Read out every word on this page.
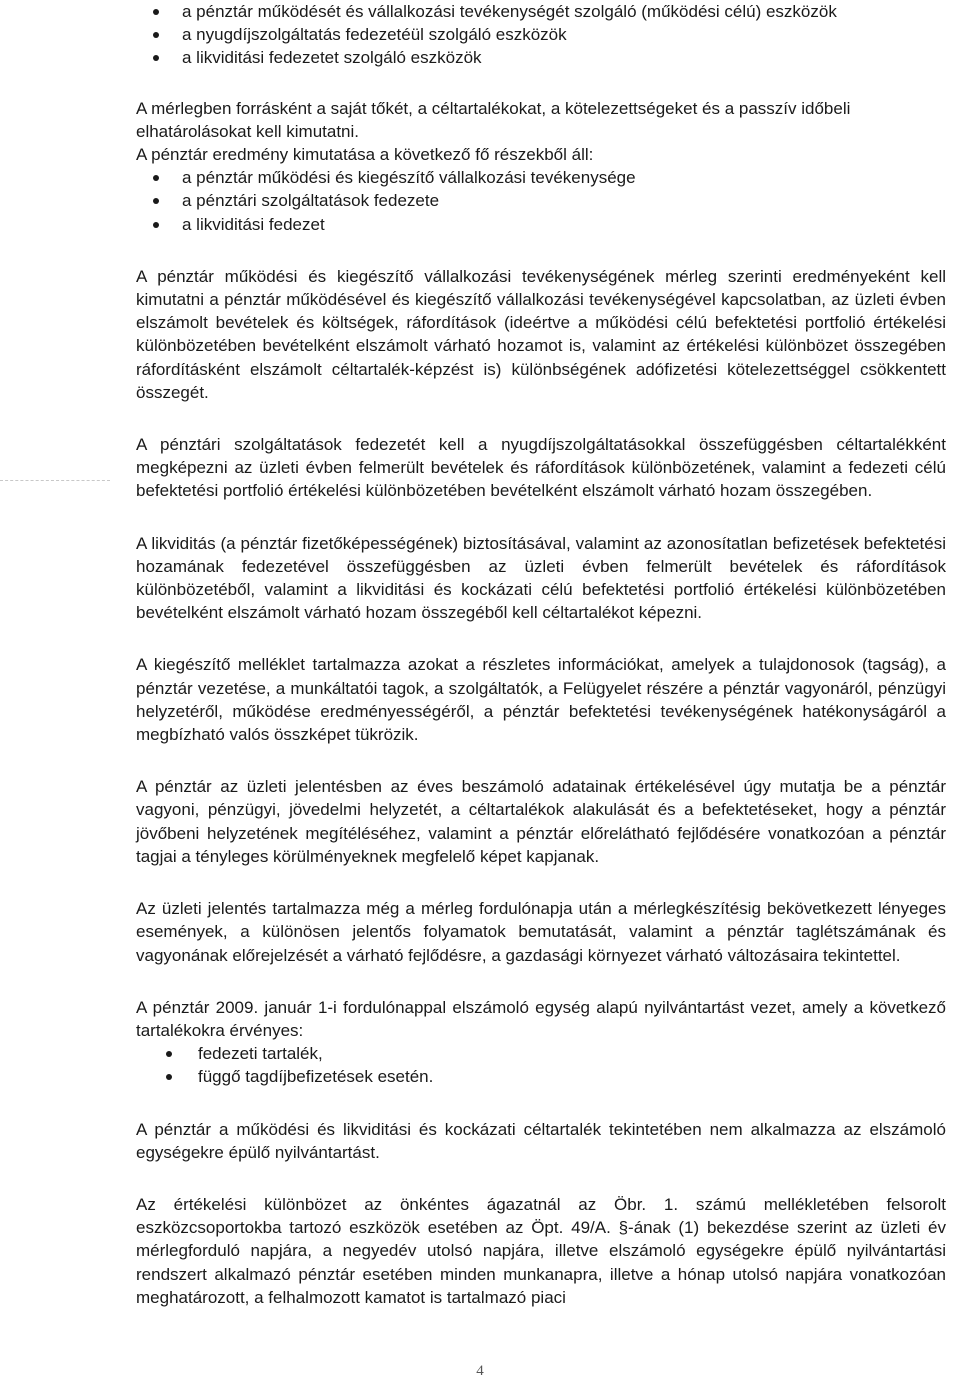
a pénztár működését és vállalkozási tevékenységét szolgáló (működési célú) eszközök
a nyugdíjszolgáltatás fedezetéül szolgáló eszközök
a likviditási fedezetet szolgáló eszközök

A mérlegben forrásként a saját tőkét, a céltartalékokat, a kötelezettségeket és a passzív időbeli elhatárolásokat kell kimutatni.

A pénztár eredmény kimutatása a következő fő részekből áll:

a pénztár működési és kiegészítő vállalkozási tevékenysége
a pénztári szolgáltatások fedezete
a likviditási fedezet

A pénztár működési és kiegészítő vállalkozási tevékenységének mérleg szerinti eredményeként kell kimutatni a pénztár működésével és kiegészítő vállalkozási tevékenységével kapcsolatban, az üzleti évben elszámolt bevételek és költségek, ráfordítások (ideértve a működési célú befektetési portfolió értékelési különbözetében bevételként elszámolt várható hozamot is, valamint az értékelési különbözet összegében ráfordításként elszámolt céltartalék-képzést is) különbségének adófizetési kötelezettséggel csökkentett összegét.

A pénztári szolgáltatások fedezetét kell a nyugdíjszolgáltatásokkal összefüggésben céltartalékként megképezni az üzleti évben felmerült bevételek és ráfordítások különbözetének, valamint a fedezeti célú befektetési portfolió értékelési különbözetében bevételként elszámolt várható hozam összegében.

A likviditás (a pénztár fizetőképességének) biztosításával, valamint az azonosítatlan befizetések befektetési hozamának fedezetével összefüggésben az üzleti évben felmerült bevételek és ráfordítások különbözetéből, valamint a likviditási és kockázati célú befektetési portfolió értékelési különbözetében bevételként elszámolt várható hozam összegéből kell céltartalékot képezni.

A kiegészítő melléklet tartalmazza azokat a részletes információkat, amelyek a tulajdonosok (tagság), a pénztár vezetése, a munkáltatói tagok, a szolgáltatók, a Felügyelet részére a pénztár vagyonáról, pénzügyi helyzetéről, működése eredményességéről, a pénztár befektetési tevékenységének hatékonyságáról a megbízható valós összképet tükrözik.

A pénztár az üzleti jelentésben az éves beszámoló adatainak értékelésével úgy mutatja be a pénztár vagyoni, pénzügyi, jövedelmi helyzetét, a céltartalékok alakulását és a befektetéseket, hogy a pénztár jövőbeni helyzetének megítéléséhez, valamint a pénztár előrelátható fejlődésére vonatkozóan a pénztár tagjai a tényleges körülményeknek megfelelő képet kapjanak.

Az üzleti jelentés tartalmazza még a mérleg fordulónapja után a mérlegkészítésig bekövetkezett lényeges események, a különösen jelentős folyamatok bemutatását, valamint a pénztár taglétszámának és vagyonának előrejelzését a várható fejlődésre, a gazdasági környezet várható változásaira tekintettel.

A pénztár 2009. január 1-i fordulónappal elszámoló egység alapú nyilvántartást vezet, amely a következő tartalékokra érvényes:

fedezeti tartalék,
függő tagdíjbefizetések esetén.

A pénztár a működési és likviditási és kockázati céltartalék tekintetében nem alkalmazza az elszámoló egységekre épülő nyilvántartást.

Az értékelési különbözet az önkéntes ágazatnál az Öbr. 1. számú mellékletében felsorolt eszközcsoportokba tartozó eszközök esetében az Öpt. 49/A. §-ának (1) bekezdése szerint az üzleti év mérlegforduló napjára, a negyedév utolsó napjára, illetve elszámoló egységekre épülő nyilvántartási rendszert alkalmazó pénztár esetében minden munkanapra, illetve a hónap utolsó napjára vonatkozóan meghatározott, a felhalmozott kamatot is tartalmazó piaci

4
